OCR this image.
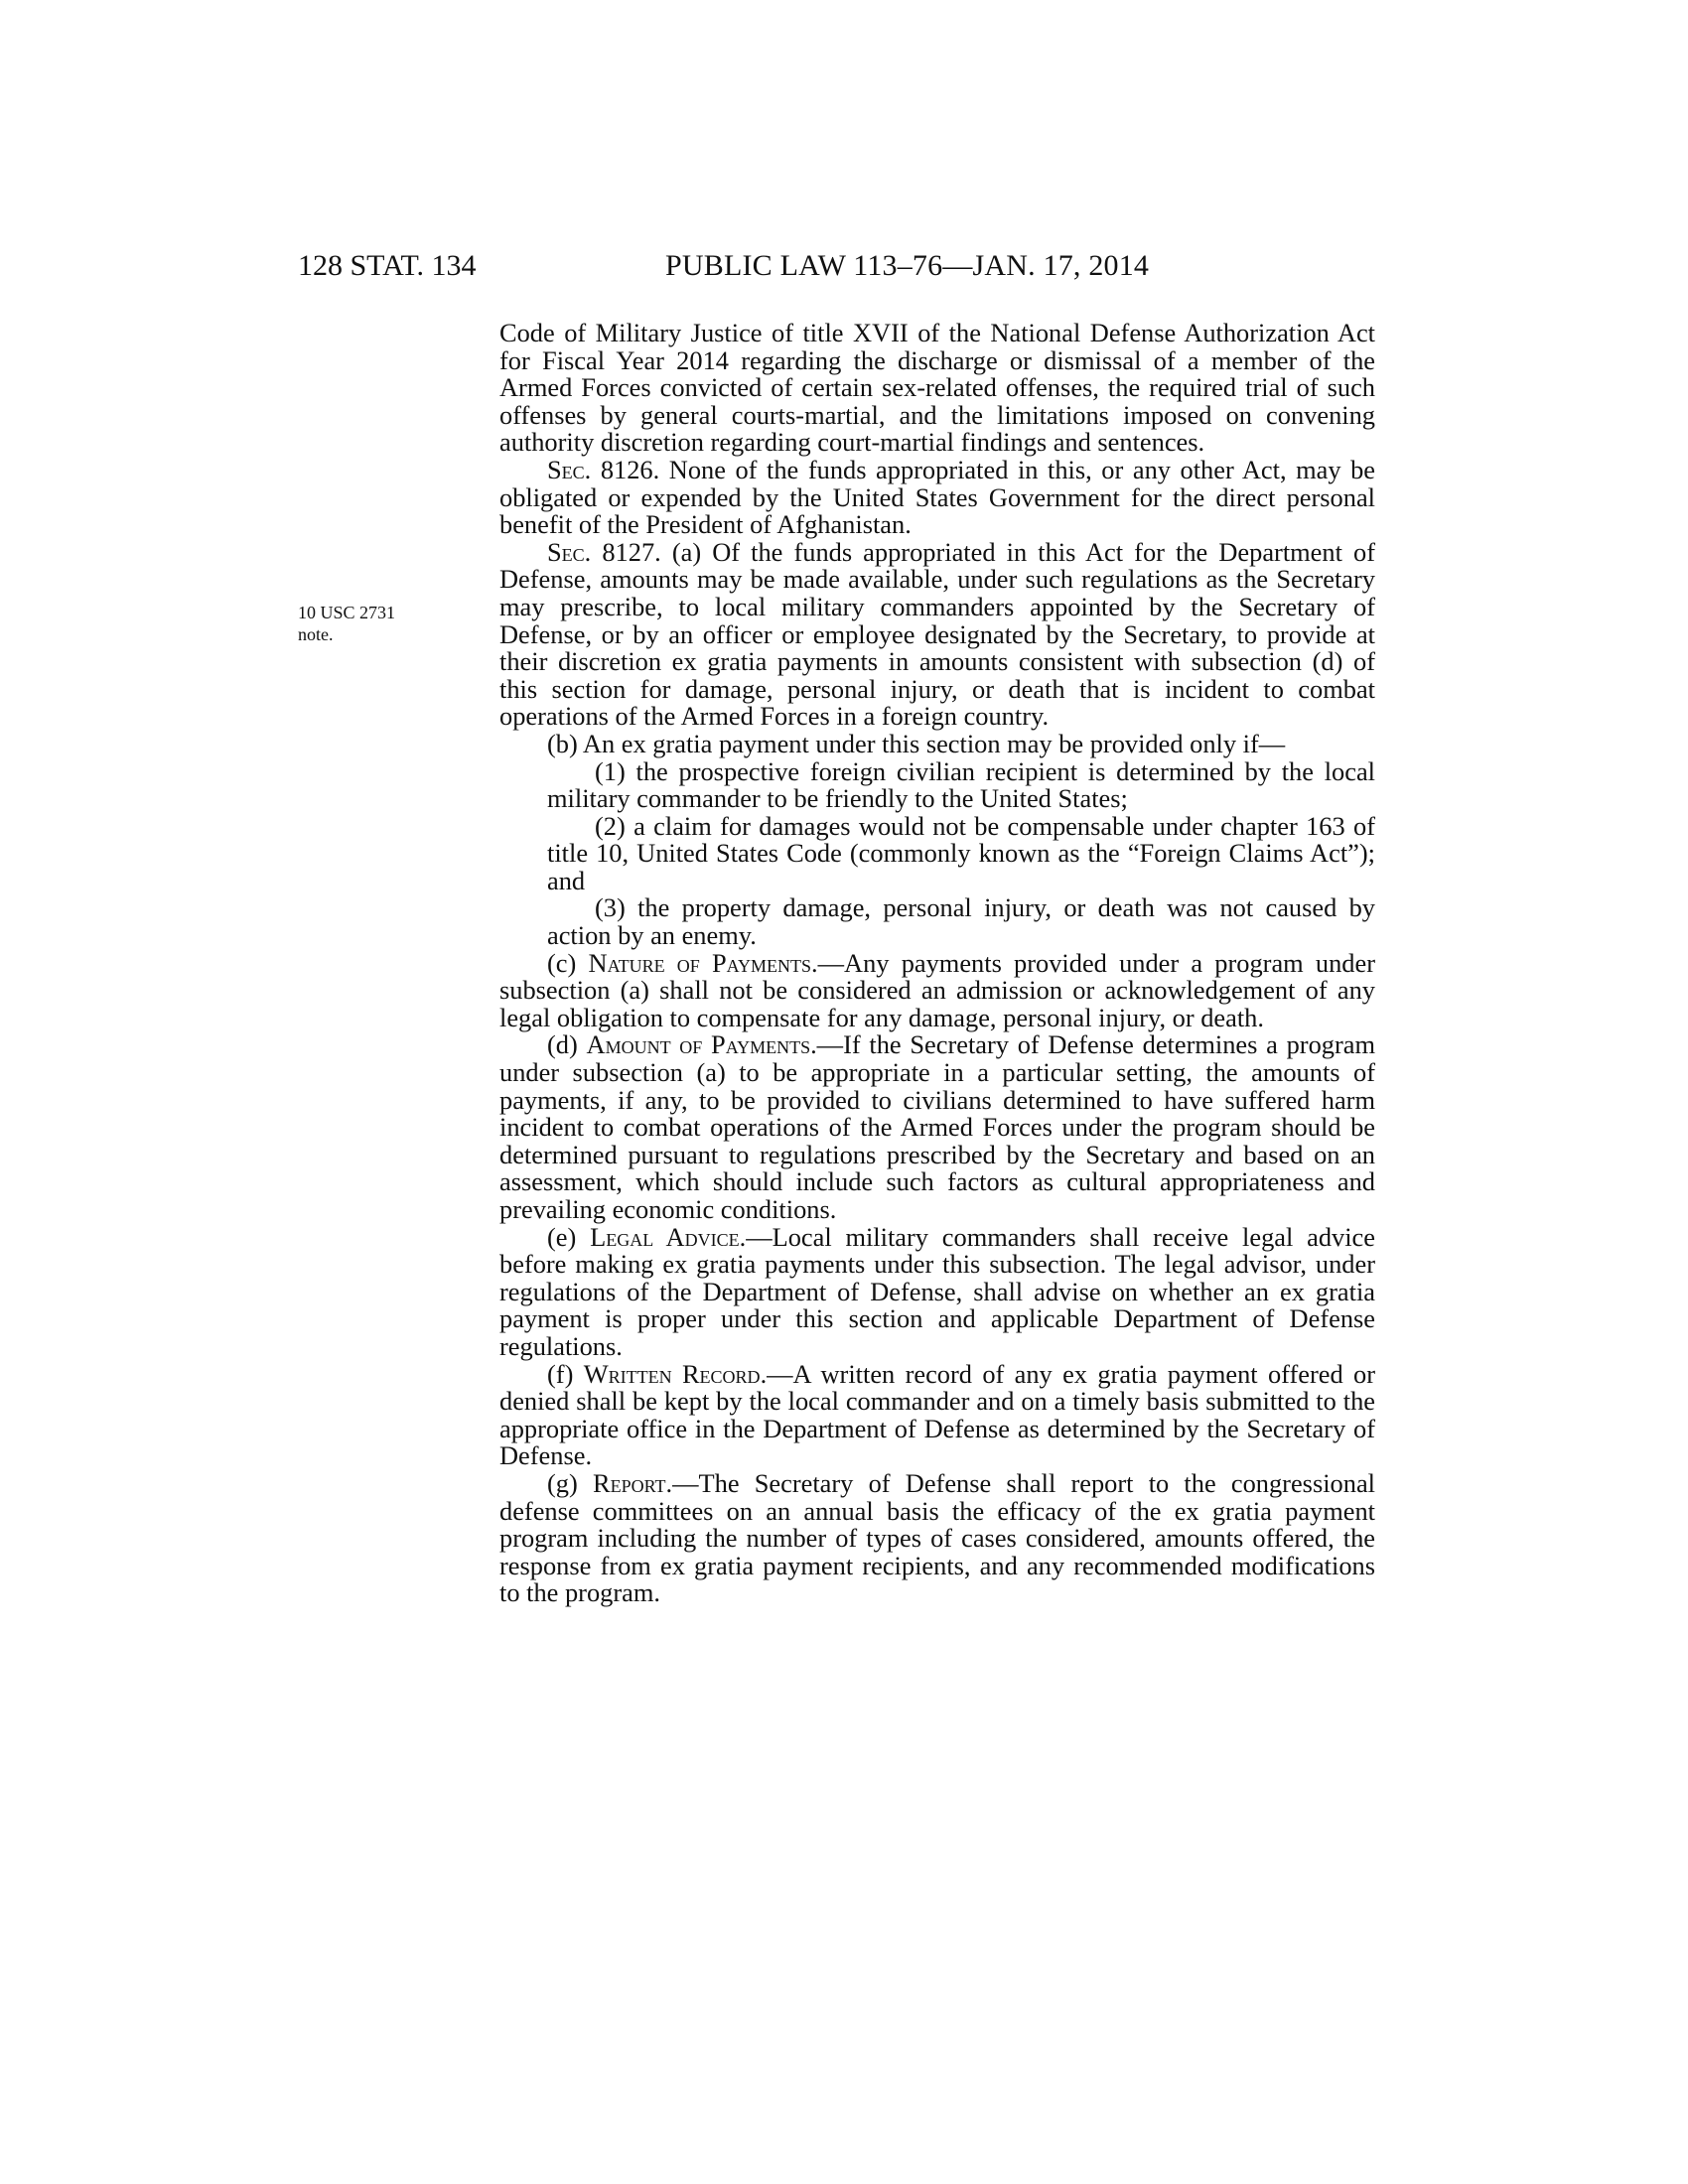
128 STAT. 134	PUBLIC LAW 113–76—JAN. 17, 2014
10 USC 2731
note.

Code of Military Justice of title XVII of the National Defense Authorization Act for Fiscal Year 2014 regarding the discharge or dismissal of a member of the Armed Forces convicted of certain sex-related offenses, the required trial of such offenses by general courts-martial, and the limitations imposed on convening authority discretion regarding court-martial findings and sentences.

Sec. 8126. None of the funds appropriated in this, or any other Act, may be obligated or expended by the United States Government for the direct personal benefit of the President of Afghanistan.

Sec. 8127. (a) Of the funds appropriated in this Act for the Department of Defense, amounts may be made available, under such regulations as the Secretary may prescribe, to local military commanders appointed by the Secretary of Defense, or by an officer or employee designated by the Secretary, to provide at their discretion ex gratia payments in amounts consistent with subsection (d) of this section for damage, personal injury, or death that is incident to combat operations of the Armed Forces in a foreign country.

(b) An ex gratia payment under this section may be provided only if—

(1) the prospective foreign civilian recipient is determined by the local military commander to be friendly to the United States;

(2) a claim for damages would not be compensable under chapter 163 of title 10, United States Code (commonly known as the “Foreign Claims Act”); and

(3) the property damage, personal injury, or death was not caused by action by an enemy.

(c) Nature of Payments.—Any payments provided under a program under subsection (a) shall not be considered an admission or acknowledgement of any legal obligation to compensate for any damage, personal injury, or death.

(d) Amount of Payments.—If the Secretary of Defense determines a program under subsection (a) to be appropriate in a particular setting, the amounts of payments, if any, to be provided to civilians determined to have suffered harm incident to combat operations of the Armed Forces under the program should be determined pursuant to regulations prescribed by the Secretary and based on an assessment, which should include such factors as cultural appropriateness and prevailing economic conditions.

(e) Legal Advice.—Local military commanders shall receive legal advice before making ex gratia payments under this subsection. The legal advisor, under regulations of the Department of Defense, shall advise on whether an ex gratia payment is proper under this section and applicable Department of Defense regulations.

(f) Written Record.—A written record of any ex gratia payment offered or denied shall be kept by the local commander and on a timely basis submitted to the appropriate office in the Department of Defense as determined by the Secretary of Defense.

(g) Report.—The Secretary of Defense shall report to the congressional defense committees on an annual basis the efficacy of the ex gratia payment program including the number of types of cases considered, amounts offered, the response from ex gratia payment recipients, and any recommended modifications to the program.
